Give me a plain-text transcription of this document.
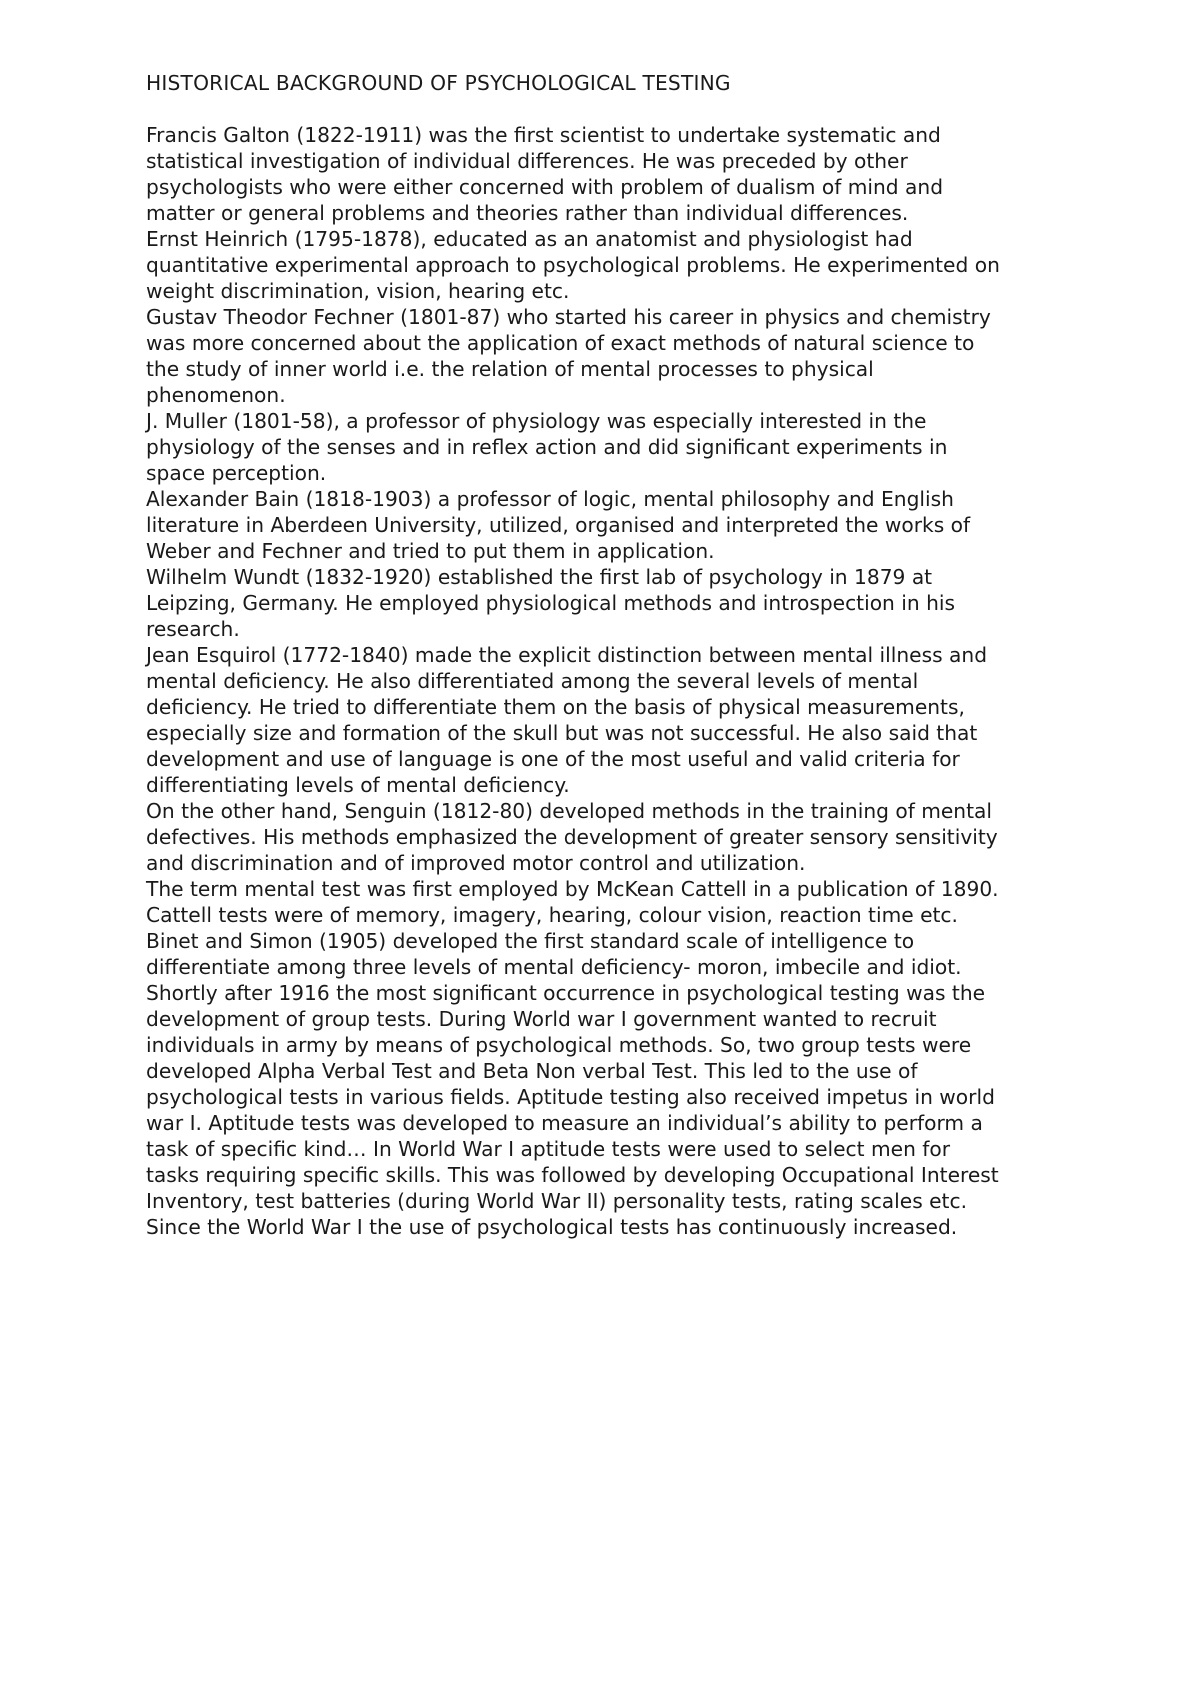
HISTORICAL BACKGROUND OF PSYCHOLOGICAL TESTING

Francis Galton (1822-1911) was the first scientist to undertake systematic and
statistical investigation of individual differences. He was preceded by other
psychologists who were either concerned with problem of dualism of mind and
matter or general problems and theories rather than individual differences.

Ernst Heinrich (1795-1878), educated as an anatomist and physiologist had
quantitative experimental approach to psychological problems. He experimented on
weight discrimination, vision, hearing etc.

Gustav Theodor Fechner (1801-87) who started his career in physics and chemistry
was more concerned about the application of exact methods of natural science to
the study of inner world i.e. the relation of mental processes to physical
phenomenon.

J. Muller (1801-58), a professor of physiology was especially interested in the
physiology of the senses and in reflex action and did significant experiments in
space perception.

Alexander Bain (1818-1903) a professor of logic, mental philosophy and English
literature in Aberdeen University, utilized, organised and interpreted the works of
Weber and Fechner and tried to put them in application.

Wilhelm Wundt (1832-1920) established the first lab of psychology in 1879 at
Leipzing, Germany. He employed physiological methods and introspection in his
research.

Jean Esquirol (1772-1840) made the explicit distinction between mental illness and
mental deficiency. He also differentiated among the several levels of mental
deficiency. He tried to differentiate them on the basis of physical measurements,
especially size and formation of the skull but was not successful. He also said that
development and use of language is one of the most useful and valid criteria for
differentiating levels of mental deficiency.

On the other hand, Senguin (1812-80) developed methods in the training of mental
defectives. His methods emphasized the development of greater sensory sensitivity
and discrimination and of improved motor control and utilization.

The term mental test was first employed by McKean Cattell in a publication of 1890.
Cattell tests were of memory, imagery, hearing, colour vision, reaction time etc.

Binet and Simon (1905) developed the first standard scale of intelligence to
differentiate among three levels of mental deficiency- moron, imbecile and idiot.

Shortly after 1916 the most significant occurrence in psychological testing was the
development of group tests. During World war I government wanted to recruit
individuals in army by means of psychological methods. So, two group tests were
developed Alpha Verbal Test and Beta Non verbal Test. This led to the use of
psychological tests in various fields. Aptitude testing also received impetus in world
war I. Aptitude tests was developed to measure an individual’s ability to perform a
task of specific kind… In World War I aptitude tests were used to select men for
tasks requiring specific skills. This was followed by developing Occupational Interest
Inventory, test batteries (during World War II) personality tests, rating scales etc.
Since the World War I the use of psychological tests has continuously increased.
